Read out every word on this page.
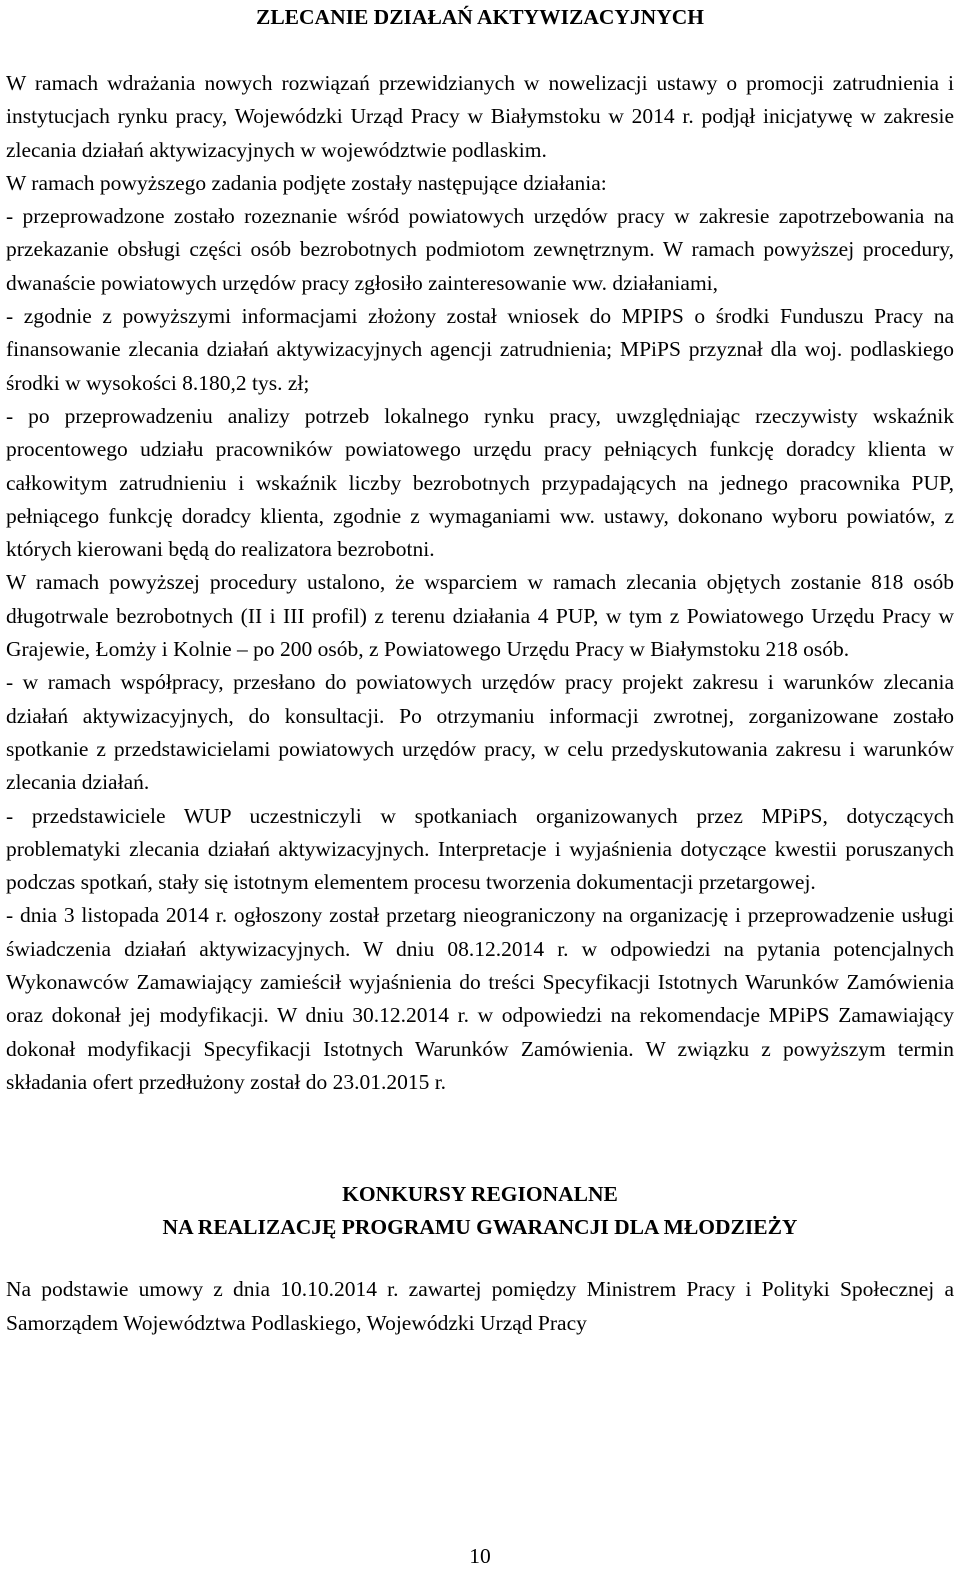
ZLECANIE DZIAŁAŃ AKTYWIZACYJNYCH

W ramach wdrażania nowych rozwiązań przewidzianych w nowelizacji ustawy o promocji zatrudnienia i instytucjach rynku pracy, Wojewódzki Urząd Pracy w Białymstoku w 2014 r. podjął inicjatywę w zakresie zlecania działań aktywizacyjnych w województwie podlaskim.

W ramach powyższego zadania podjęte zostały następujące działania:

- przeprowadzone zostało rozeznanie wśród powiatowych urzędów pracy w zakresie zapotrzebowania na przekazanie obsługi części osób bezrobotnych podmiotom zewnętrznym. W ramach powyższej procedury, dwanaście powiatowych urzędów pracy zgłosiło zainteresowanie ww. działaniami,

- zgodnie z powyższymi informacjami złożony został wniosek do MPIPS o środki Funduszu Pracy na finansowanie zlecania działań aktywizacyjnych agencji zatrudnienia; MPiPS przyznał dla woj. podlaskiego środki w wysokości 8.180,2 tys. zł;

- po przeprowadzeniu analizy potrzeb lokalnego rynku pracy, uwzględniając rzeczywisty wskaźnik procentowego udziału pracowników powiatowego urzędu pracy pełniących funkcję doradcy klienta w całkowitym zatrudnieniu i wskaźnik liczby bezrobotnych przypadających na jednego pracownika PUP, pełniącego funkcję doradcy klienta, zgodnie z wymaganiami ww. ustawy, dokonano wyboru powiatów, z których kierowani będą do realizatora bezrobotni.

W ramach powyższej procedury ustalono, że wsparciem w ramach zlecania objętych zostanie 818 osób długotrwale bezrobotnych (II i III profil) z terenu działania 4 PUP, w tym z Powiatowego Urzędu Pracy w Grajewie, Łomży i Kolnie – po 200 osób, z Powiatowego Urzędu Pracy w Białymstoku 218 osób.

- w ramach współpracy, przesłano do powiatowych urzędów pracy projekt zakresu i warunków zlecania działań aktywizacyjnych, do konsultacji. Po otrzymaniu informacji zwrotnej, zorganizowane zostało spotkanie z przedstawicielami powiatowych urzędów pracy, w celu przedyskutowania zakresu i warunków zlecania działań.

- przedstawiciele WUP uczestniczyli w spotkaniach organizowanych przez MPiPS, dotyczących problematyki zlecania działań aktywizacyjnych. Interpretacje i wyjaśnienia dotyczące kwestii poruszanych podczas spotkań, stały się istotnym elementem procesu tworzenia dokumentacji przetargowej.

- dnia 3 listopada 2014 r. ogłoszony został przetarg nieograniczony na organizację i przeprowadzenie usługi świadczenia działań aktywizacyjnych. W dniu 08.12.2014 r. w odpowiedzi na pytania potencjalnych Wykonawców Zamawiający zamieścił wyjaśnienia do treści Specyfikacji Istotnych Warunków Zamówienia oraz dokonał jej modyfikacji. W dniu 30.12.2014 r. w odpowiedzi na rekomendacje MPiPS Zamawiający dokonał modyfikacji Specyfikacji Istotnych Warunków Zamówienia. W związku z powyższym termin składania ofert przedłużony został do 23.01.2015 r.

KONKURSY REGIONALNE
NA REALIZACJĘ PROGRAMU GWARANCJI DLA MŁODZIEŻY

Na podstawie umowy z dnia 10.10.2014 r. zawartej pomiędzy Ministrem Pracy i Polityki Społecznej a Samorządem Województwa Podlaskiego, Wojewódzki Urząd Pracy

10
